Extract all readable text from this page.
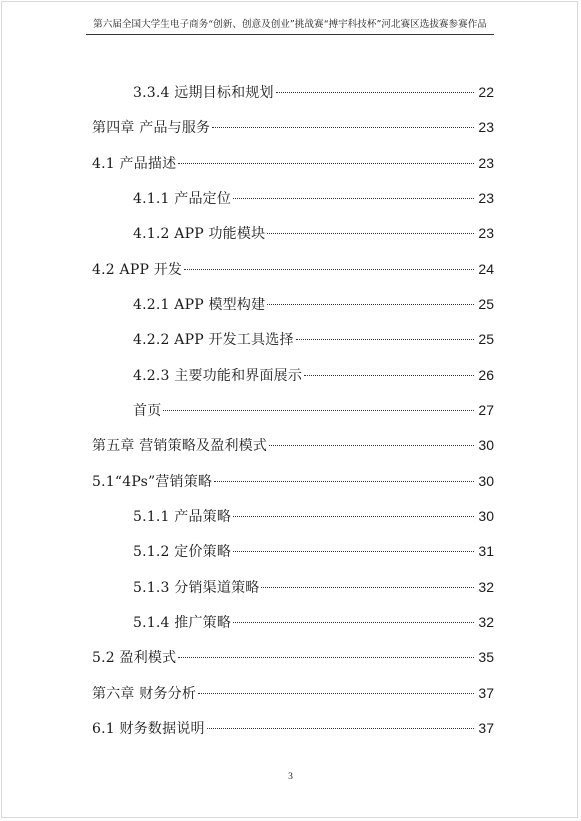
第六届全国大学生电子商务“创新、创意及创业”挑战赛“搏宇科技杯”河北赛区选拔赛参赛作品
3.3.4 远期目标和规划	22
第四章 产品与服务	23
4.1 产品描述	23
4.1.1 产品定位	23
4.1.2 APP 功能模块	23
4.2 APP 开发	24
4.2.1 APP 模型构建	25
4.2.2 APP 开发工具选择	25
4.2.3 主要功能和界面展示	26
首页	27
第五章 营销策略及盈利模式	30
5.1“4Ps”营销策略	30
5.1.1 产品策略	30
5.1.2 定价策略	31
5.1.3 分销渠道策略	32
5.1.4 推广策略	32
5.2 盈利模式	35
第六章 财务分析	37
6.1 财务数据说明	37
3
